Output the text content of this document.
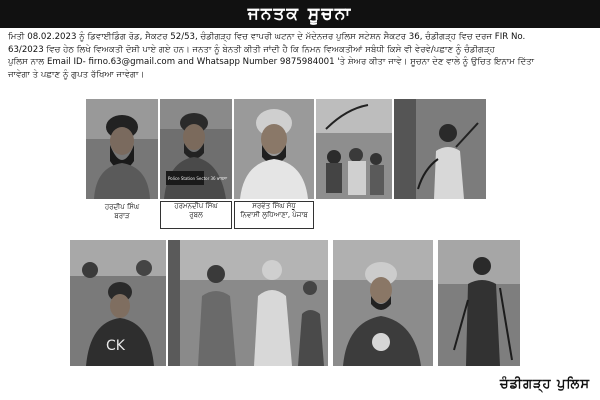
ਜਨਤਕ ਸੂਚਨਾ

ਮਿਤੀ 08.02.2023 ਨੂੰ ਡਿਵਾਈਡਿੰਗ ਰੋਡ, ਸੈਕਟਰ 52/53, ਚੰਡੀਗੜ੍ਹ ਵਿਚ ਵਾਪਰੀ ਘਟਨਾ ਦੇ ਮੱਦੇਨਜ਼ਰ ਪੁਲਿਸ ਸਟੇਸ਼ਨ ਸੈਕਟਰ 36, ਚੰਡੀਗੜ੍ਹ ਵਿਚ ਦਰਜ FIR No.

63/2023 ਵਿਚ ਹੇਠ ਲਿਖੇ ਵਿਅਕਤੀ ਦੋਸ਼ੀ ਪਾਏ ਗਏ ਹਨ। ਜਨਤਾ ਨੂੰ ਬੇਨਤੀ ਕੀਤੀ ਜਾਂਦੀ ਹੈ ਕਿ ਨਿਮਨ ਵਿਅਕਤੀਆਂ ਸਬੰਧੀ ਕਿਸੇ ਵੀ ਵੇਰਵੇ/ਪਛਾਣ ਨੂੰ ਚੰਡੀਗੜ੍ਹ

ਪੁਲਿਸ ਨਾਲ Email ID- firno.63@gmail.com and Whatsapp Number 9875984001 'ਤੇ ਸ਼ੇਅਰ ਕੀਤਾ ਜਾਵੇ। ਸੂਚਨਾ ਦੇਣ ਵਾਲੇ ਨੂੰ ਉਚਿਤ ਇਨਾਮ ਦਿੱਤਾ

ਜਾਵੇਗਾ ਤੇ ਪਛਾਣ ਨੂੰ ਗੁਪਤ ਰੱਖਿਆ ਜਾਵੇਗਾ।

Police Station Sector 36 ਖ਼ਾਲਸਾ
ਹਰਦੀਪ ਸਿੰਘ
ਬਰਾੜ
ਹਰਮਨਦੀਪ ਸਿੰਘ
ਰੁਬਲ
ਸਰਵੰਤ ਸਿੰਘ ਸੰਧੂ
ਨਿਵਾਸੀ ਲੁਧਿਆਣਾ, ਪੰਜਾਬ
CK
ਚੰਡੀਗੜ੍ਹ ਪੁਲਿਸ
